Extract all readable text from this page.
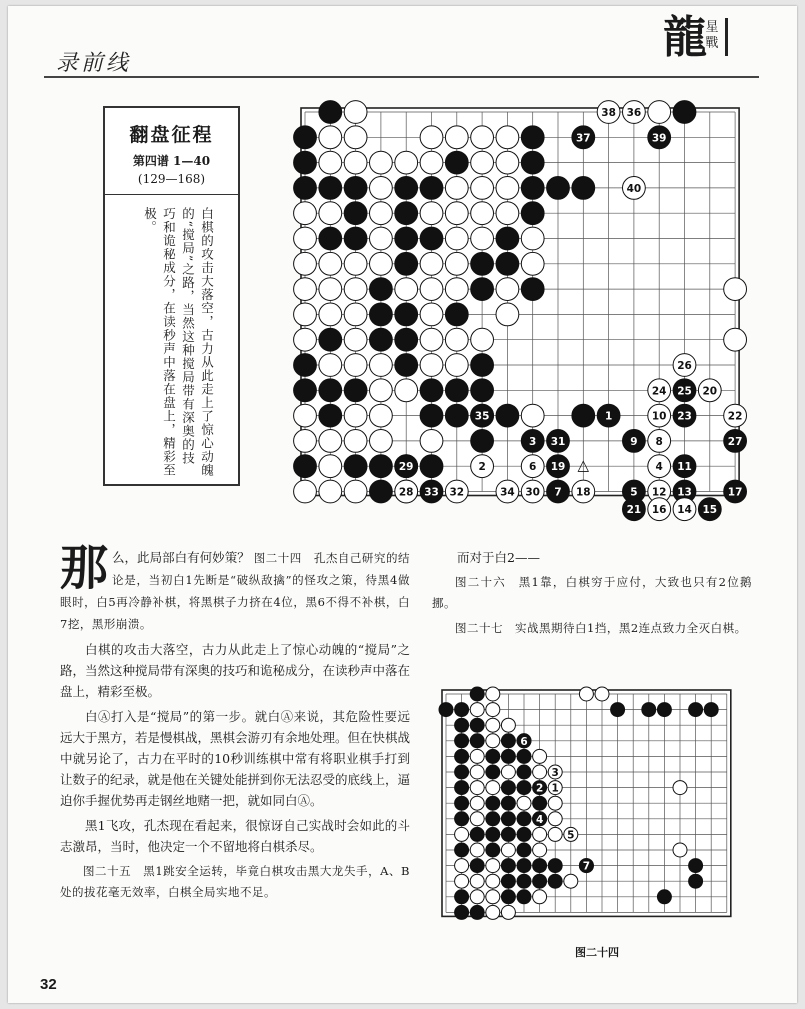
录前线
龍
星戰
翻盘征程
第四谱 1—40
(129—168)
白棋的攻击大落空，古力从此走上了惊心动魄的“搅局”之路，当然这种搅局带有深奥的技巧和诡秘成分，在读秒声中落在盘上，精彩至极。
38 36
37	39
40
26
24 25 20
35	10 23	22
1
3 31	9 8	27
29	2	6 19 △	4 11
28 33 32	34 30 7 18	5 12 13	17
21 16 14 15
6
3
2 1
4
5
7
图二十四
那 么，此局部白有何妙策？ 图二十四　孔杰自己研究的结论是，当初白1先断是“破纵敌擒”的怪攻之策，待黑4做眼时，白5再冷静补棋，将黑棋子力挤在4位，黑6不得不补棋，白7挖，黑形崩溃。
白棋的攻击大落空，古力从此走上了惊心动魄的“搅局”之路，当然这种搅局带有深奥的技巧和诡秘成分，在读秒声中落在盘上，精彩至极。
白Ⓐ打入是“搅局”的第一步。就白Ⓐ来说，其危险性要远远大于黑方，若是慢棋战，黑棋会游刃有余地处理。但在快棋战中就另论了，古力在平时的10秒训练棋中常有将职业棋手打到让数子的纪录，就是他在关键处能拼到你无法忍受的底线上，逼迫你手握优势再走钢丝地赌一把，就如同白Ⓐ。
黑1飞攻，孔杰现在看起来，很惊讶自己实战时会如此的斗志激昂，当时，他决定一个不留地将白棋杀尽。
图二十五　黑1跳安全运转，毕竟白棋攻击黑大龙失手，A、B处的拔花毫无效率，白棋全局实地不足。
而对于白2——
图二十六　黑1靠，白棋穷于应付，大致也只有2位鹅挪。
图二十七　实战黑期待白1挡，黑2连点致力全灭白棋。
32
